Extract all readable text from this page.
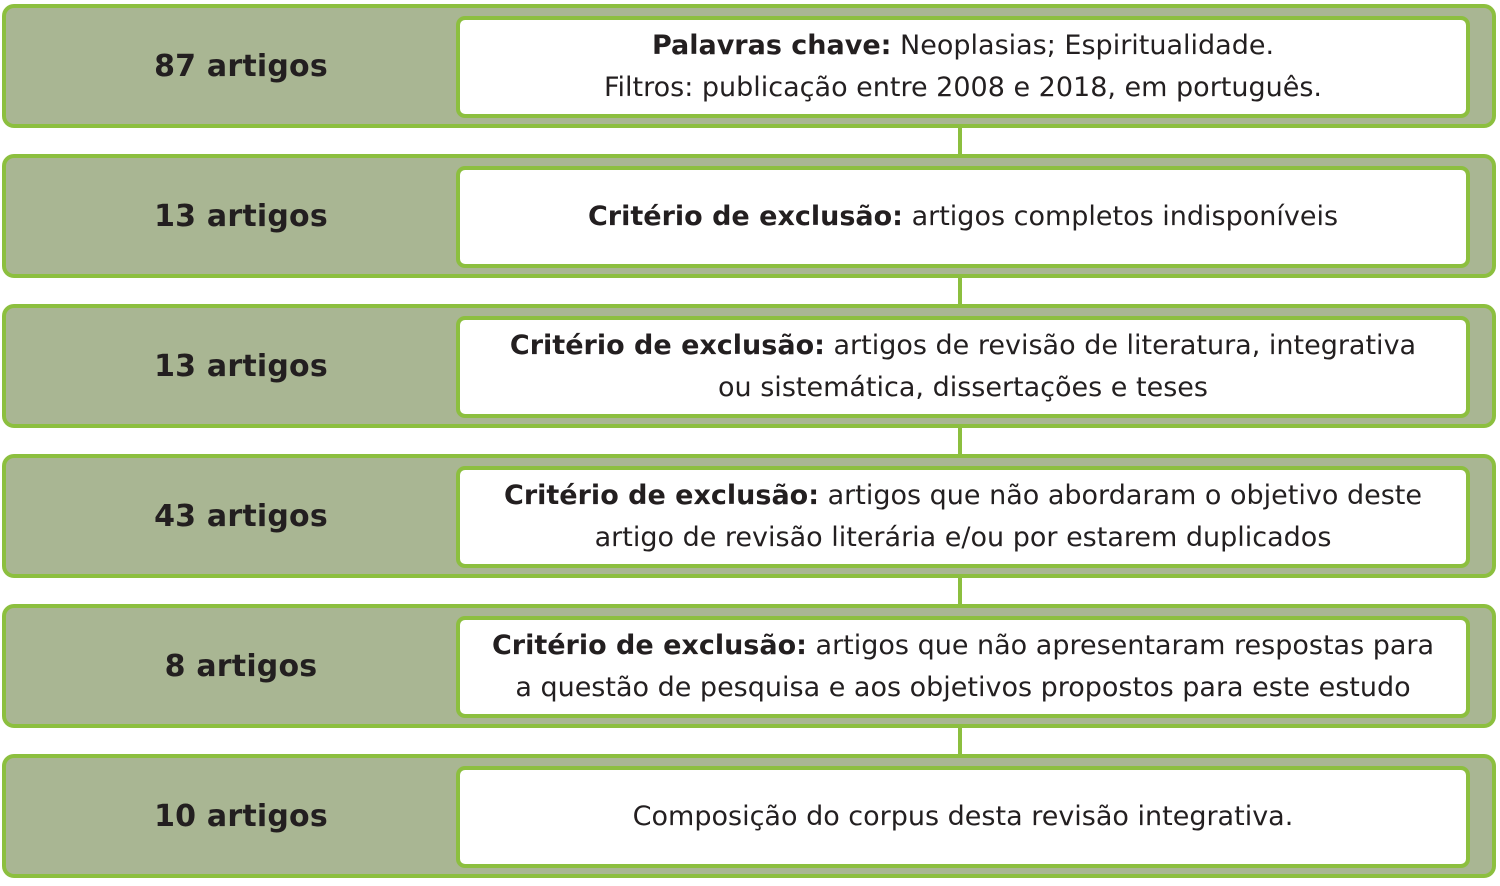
87 artigos
Palavras chave: Neoplasias; Espiritualidade.
Filtros: publicação entre 2008 e 2018, em português.
13 artigos	Critério de exclusão: artigos completos indisponíveis
13 artigos
Critério de exclusão: artigos de revisão de literatura, integrativa
ou sistemática, dissertações e teses
43 artigos
Critério de exclusão: artigos que não abordaram o objetivo deste
artigo de revisão literária e/ou por estarem duplicados
8 artigos
Critério de exclusão: artigos que não apresentaram respostas para
a questão de pesquisa e aos objetivos propostos para este estudo
10 artigos	Composição do corpus desta revisão integrativa.
